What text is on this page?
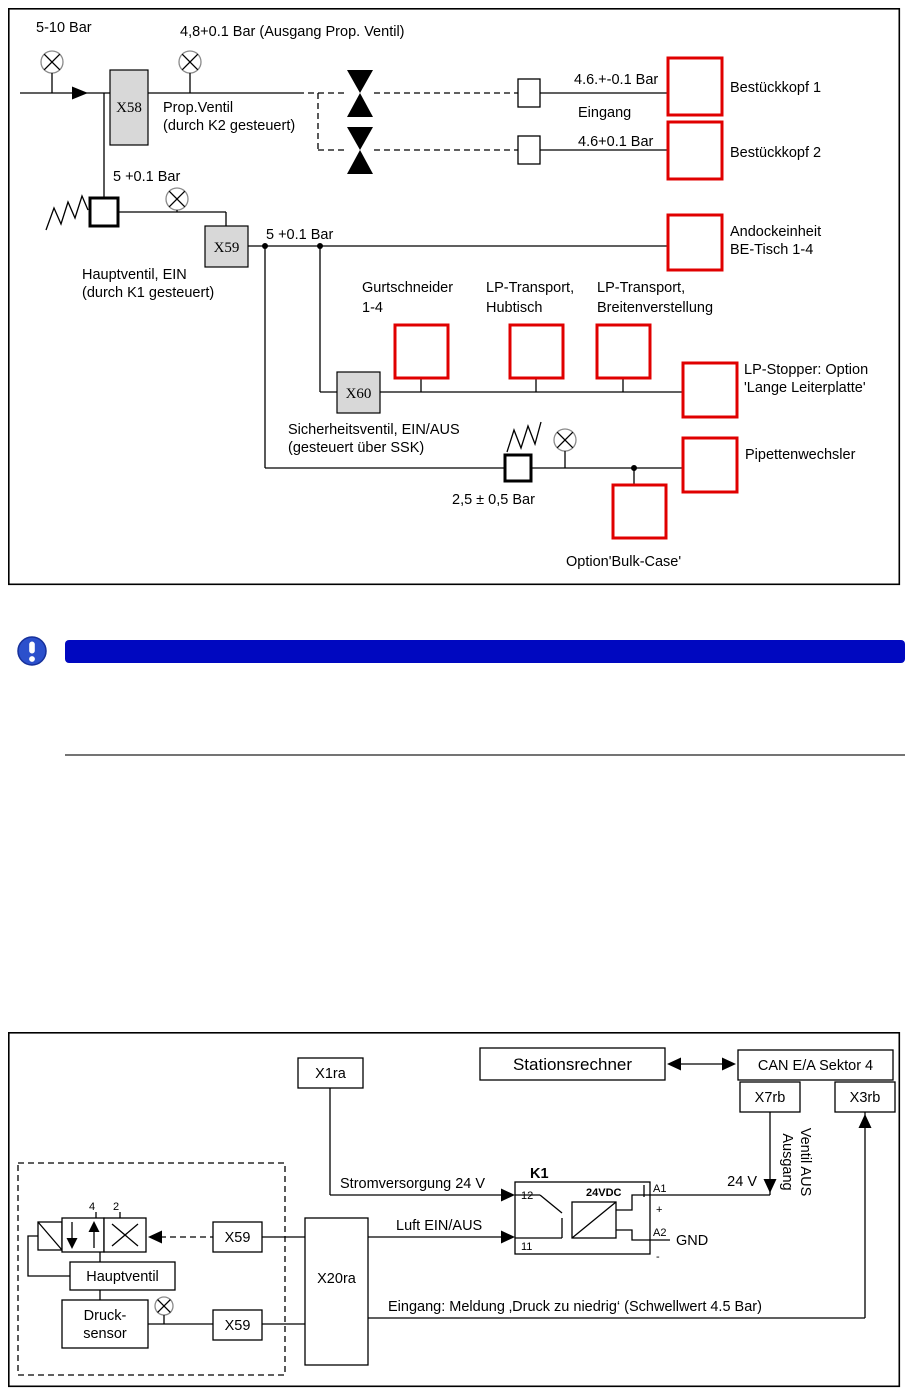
X58
X59
X60
5-10 Bar	4,8+0.1 Bar (Ausgang Prop. Ventil)
Prop.Ventil
(durch K2 gesteuert)
4.6.+-0.1 Bar
Eingang
4.6+0.1 Bar
Bestückkopf 1
Bestückkopf 2
5 +0.1 Bar
Hauptventil, EIN
(durch K1 gesteuert)
5 +0.1 Bar	Andockeinheit
BE-Tisch 1-4
Gurtschneider
1-4
LP-Transport,
Hubtisch
LP-Transport,
Breitenverstellung
LP-Stopper: Option
'Lange Leiterplatte'
Sicherheitsventil, EIN/AUS
(gesteuert über SSK)
2,5 ± 0,5 Bar
Pipettenwechsler
Option'Bulk-Case'
X1ra	Stationsrechner	CAN E/A Sektor 4
X7rb	X3rb
K1
12
11
24VDC	A1
+
A2
-
Stromversorgung 24 V	24 V Ausgang Ventil AUS
Luft EIN/AUS
GND
Eingang: Meldung ‚Druck zu niedrig‘ (Schwellwert 4.5 Bar)
4 2
Hauptventil
Druck-
sensor
X59
X59
X20ra
